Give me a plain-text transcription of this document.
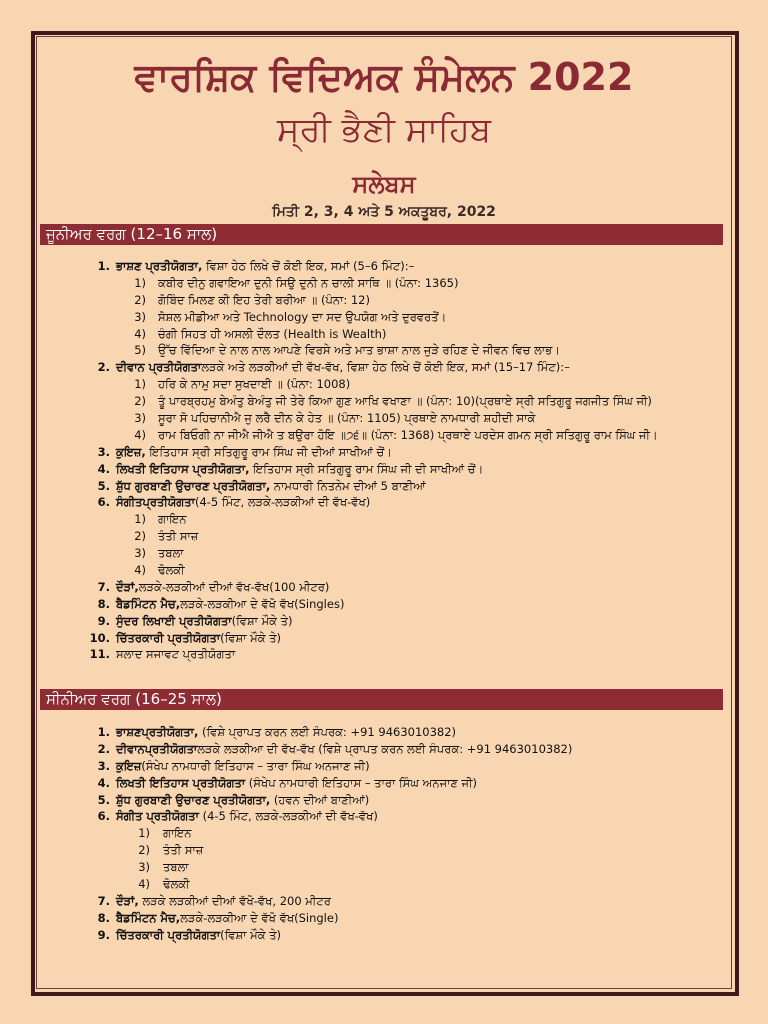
ਵਾਰਸ਼ਿਕ ਵਿਦਿਅਕ ਸੰਮੇਲਨ 2022
ਸ੍ਰੀ ਭੈਣੀ ਸਾਹਿਬ
ਸਲੇਬਸ
ਮਿਤੀ 2, 3, 4 ਅਤੇ 5 ਅਕਤੂਬਰ, 2022
ਜੂਨੀਅਰ ਵਰਗ (12–16 ਸਾਲ)
1. ਭਾਸ਼ਣ ਪ੍ਰਤੀਯੋਗਤਾ, ਵਿਸ਼ਾ ਹੇਠ ਲਿਖੇ ਚੋਂ ਕੋਈ ਇਕ, ਸਮਾਂ (5–6 ਮਿੰਟ):–
1) ਕਬੀਰ ਦੀਨੁ ਗਵਾਇਆ ਦੁਨੀ ਸਿਉ ਦੁਨੀ ਨ ਚਾਲੀ ਸਾਥਿ ॥ (ਪੰਨਾ: 1365)
2) ਗੋਬਿੰਦ ਮਿਲਣ ਕੀ ਇਹ ਤੇਰੀ ਬਰੀਆ ॥ (ਪੰਨਾ: 12)
3) ਸੋਸ਼ਲ ਮੀਡੀਆ ਅਤੇ Technology ਦਾ ਸਦ ਉਪਯੋਗ ਅਤੇ ਦੁਰਵਰਤੋਂ।
4) ਚੰਗੀ ਸਿਹਤ ਹੀ ਅਸਲੀ ਦੌਲਤ (Health is Wealth)
5) ਉੱਚ ਵਿੱਦਿਆ ਦੇ ਨਾਲ ਨਾਲ ਆਪਣੇ ਵਿਰਸੇ ਅਤੇ ਮਾਤ ਭਾਸ਼ਾ ਨਾਲ ਜੁੜੇ ਰਹਿਣ ਦੇ ਜੀਵਨ ਵਿਚ ਲਾਭ।
2. ਦੀਵਾਨ ਪ੍ਰਤੀਯੋਗਤਾਲੜਕੇ ਅਤੇ ਲੜਕੀਆਂ ਦੀ ਵੱਖ-ਵੱਖ, ਵਿਸ਼ਾ ਹੇਠ ਲਿਖੇ ਚੋਂ ਕੋਈ ਇਕ, ਸਮਾਂ (15–17 ਮਿੰਟ):–
1) ਹਰਿ ਕੇ ਨਾਮੁ ਸਦਾ ਸੁਖਦਾਈ ॥ (ਪੰਨਾ: 1008)
2) ਤੂੰ ਪਾਰਬ੍ਰਹਮੁ ਬੇਅੰਤੁ ਬੇਅੰਤੁ ਜੀ ਤੇਰੇ ਕਿਆ ਗੁਣ ਆਖਿ ਵਖਾਣਾ ॥ (ਪੰਨਾ: 10)(ਪ੍ਰਥਾਏ ਸ੍ਰੀ ਸਤਿਗੁਰੂ ਜਗਜੀਤ ਸਿੰਘ ਜੀ)
3) ਸੂਰਾ ਸੋ ਪਹਿਚਾਨੀਐ ਜੁ ਲਰੈ ਦੀਨ ਕੇ ਹੇਤ ॥ (ਪੰਨਾ: 1105) ਪ੍ਰਥਾਏ ਨਾਮਧਾਰੀ ਸ਼ਹੀਦੀ ਸਾਕੇ
4) ਰਾਮ ਬਿਓਗੀ ਨਾ ਜੀਐ ਜੀਐ ਤ ਬਉਰਾ ਹੋਇ ॥੭੬॥ (ਪੰਨਾ: 1368) ਪ੍ਰਥਾਏ ਪਰਦੇਸ ਗਮਨ ਸ੍ਰੀ ਸਤਿਗੁਰੂ ਰਾਮ ਸਿੰਘ ਜੀ।
3. ਕੁਇਜ਼, ਇਤਿਹਾਸ ਸ੍ਰੀ ਸਤਿਗੁਰੂ ਰਾਮ ਸਿੰਘ ਜੀ ਦੀਆਂ ਸਾਖੀਆਂ ਚੋਂ।
4. ਲਿਖਤੀ ਇਤਿਹਾਸ ਪ੍ਰਤੀਯੋਗਤਾ, ਇਤਿਹਾਸ ਸ੍ਰੀ ਸਤਿਗੁਰੂ ਰਾਮ ਸਿੰਘ ਜੀ ਦੀ ਸਾਖੀਆਂ ਚੋਂ।
5. ਸ਼ੁੱਧ ਗੁਰਬਾਣੀ ਉਚਾਰਣ ਪ੍ਰਤੀਯੋਗਤਾ, ਨਾਮਧਾਰੀ ਨਿਤਨੇਮ ਦੀਆਂ 5 ਬਾਣੀਆਂ
6. ਸੰਗੀਤਪ੍ਰਤੀਯੋਗਤਾ(4-5 ਮਿੰਟ, ਲੜਕੇ-ਲੜਕੀਆਂ ਦੀ ਵੱਖ-ਵੱਖ)
1) ਗਾਇਨ
2) ਤੰਤੀ ਸਾਜ਼
3) ਤਬਲਾ
4) ਢੋਲਕੀ
7. ਦੌੜਾਂ,ਲੜਕੇ-ਲੜਕੀਆਂ ਦੀਆਂ ਵੱਖ-ਵੱਖ(100 ਮੀਟਰ)
8. ਬੈਡਮਿੰਟਨ ਮੈਚ,ਲੜਕੇ-ਲੜਕੀਆ ਦੇ ਵੱਖੋ ਵੱਖ(Singles)
9. ਸੁੰਦਰ ਲਿਖਾਈ ਪ੍ਰਤੀਯੋਗਤਾ(ਵਿਸ਼ਾ ਮੌਕੇ ਤੇ)
10. ਚਿੱਤਰਕਾਰੀ ਪ੍ਰਤੀਯੋਗਤਾ(ਵਿਸ਼ਾ ਮੌਕੇ ਤੇ)
11. ਸਲਾਦ ਸਜਾਵਟ ਪ੍ਰਤੀਯੋਗਤਾ
ਸੀਨੀਅਰ ਵਰਗ (16–25 ਸਾਲ)
1. ਭਾਸ਼ਣਪ੍ਰਤੀਯੋਗਤਾ, (ਵਿਸ਼ੇ ਪ੍ਰਾਪਤ ਕਰਨ ਲਈ ਸੰਪਰਕ: +91 9463010382)
2. ਦੀਵਾਨਪ੍ਰਤੀਯੋਗਤਾਲੜਕੇ ਲੜਕੀਆ ਦੀ ਵੱਖ-ਵੱਖ (ਵਿਸ਼ੇ ਪ੍ਰਾਪਤ ਕਰਨ ਲਈ ਸੰਪਰਕ: +91 9463010382)
3. ਕੁਇਜ਼(ਸੰਖੇਪ ਨਾਮਧਾਰੀ ਇਤਿਹਾਸ – ਤਾਰਾ ਸਿੰਘ ਅਨਜਾਣ ਜੀ)
4. ਲਿਖਤੀ ਇਤਿਹਾਸ ਪ੍ਰਤੀਯੋਗਤਾ (ਸੰਖੇਪ ਨਾਮਧਾਰੀ ਇਤਿਹਾਸ – ਤਾਰਾ ਸਿੰਘ ਅਨਜਾਣ ਜੀ)
5. ਸ਼ੁੱਧ ਗੁਰਬਾਣੀ ਉਚਾਰਣ ਪ੍ਰਤੀਯੋਗਤਾ, (ਹਵਨ ਦੀਆਂ ਬਾਣੀਆਂ)
6. ਸੰਗੀਤ ਪ੍ਰਤੀਯੋਗਤਾ (4-5 ਮਿੰਟ, ਲੜਕੇ-ਲੜਕੀਆਂ ਦੀ ਵੱਖ-ਵੱਖ)
1) ਗਾਇਨ
2) ਤੰਤੀ ਸਾਜ਼
3) ਤਬਲਾ
4) ਢੋਲਕੀ
7. ਦੌੜਾਂ, ਲੜਕੇ ਲੜਕੀਆਂ ਦੀਆਂ ਵੱਖੋ-ਵੱਖ, 200 ਮੀਟਰ
8. ਬੈਡਮਿੰਟਨ ਮੈਚ,ਲੜਕੇ-ਲੜਕੀਆ ਦੇ ਵੱਖੋ ਵੱਖ(Single)
9. ਚਿੱਤਰਕਾਰੀ ਪ੍ਰਤੀਯੋਗਤਾ(ਵਿਸ਼ਾ ਮੌਕੇ ਤੇ)
